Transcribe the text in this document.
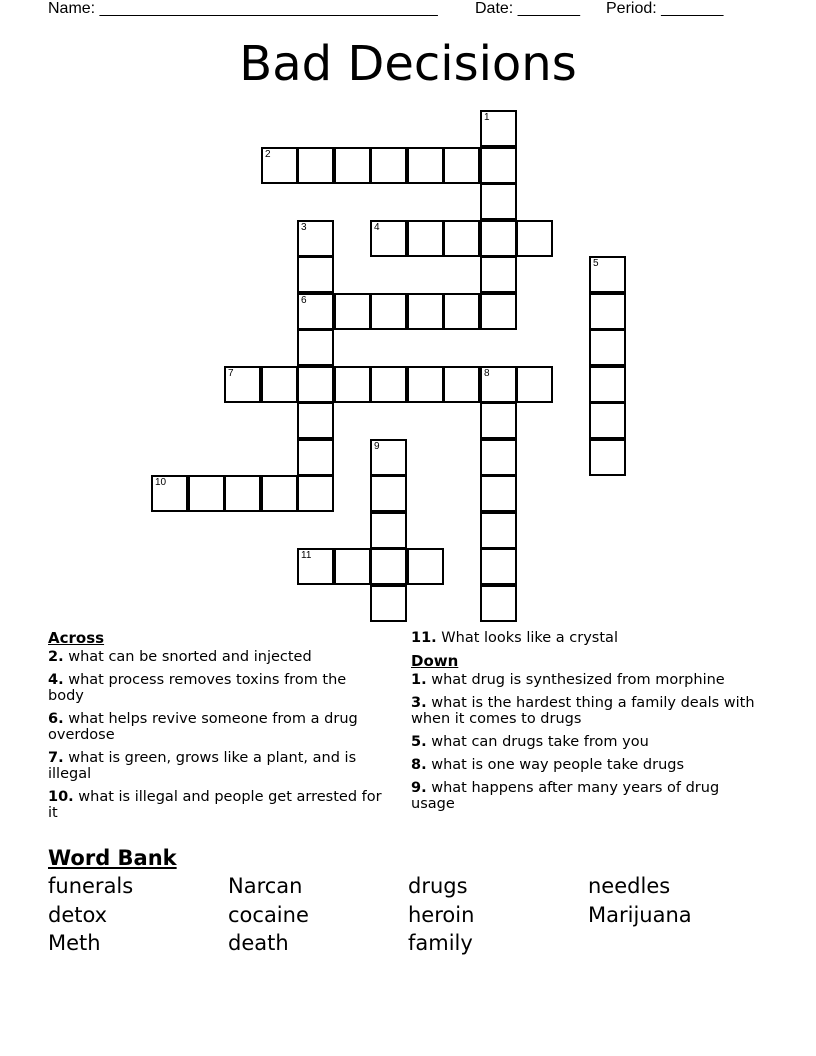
Name: ______________________________________ Date: _______ Period: _______
Bad Decisions
2
4
6
7	8
10
11
1
3
5
9
Across
2. what can be snorted and injected
4. what process removes toxins from the body
6. what helps revive someone from a drug overdose
7. what is green, grows like a plant, and is illegal
10. what is illegal and people get arrested for it
11. What looks like a crystal
Down
1. what drug is synthesized from morphine
3. what is the hardest thing a family deals with when it comes to drugs
5. what can drugs take from you
8. what is one way people take drugs
9. what happens after many years of drug usage
Word Bank
funerals	Narcan	drugs	needles
detox	cocaine	heroin	Marijuana
Meth	death	family
